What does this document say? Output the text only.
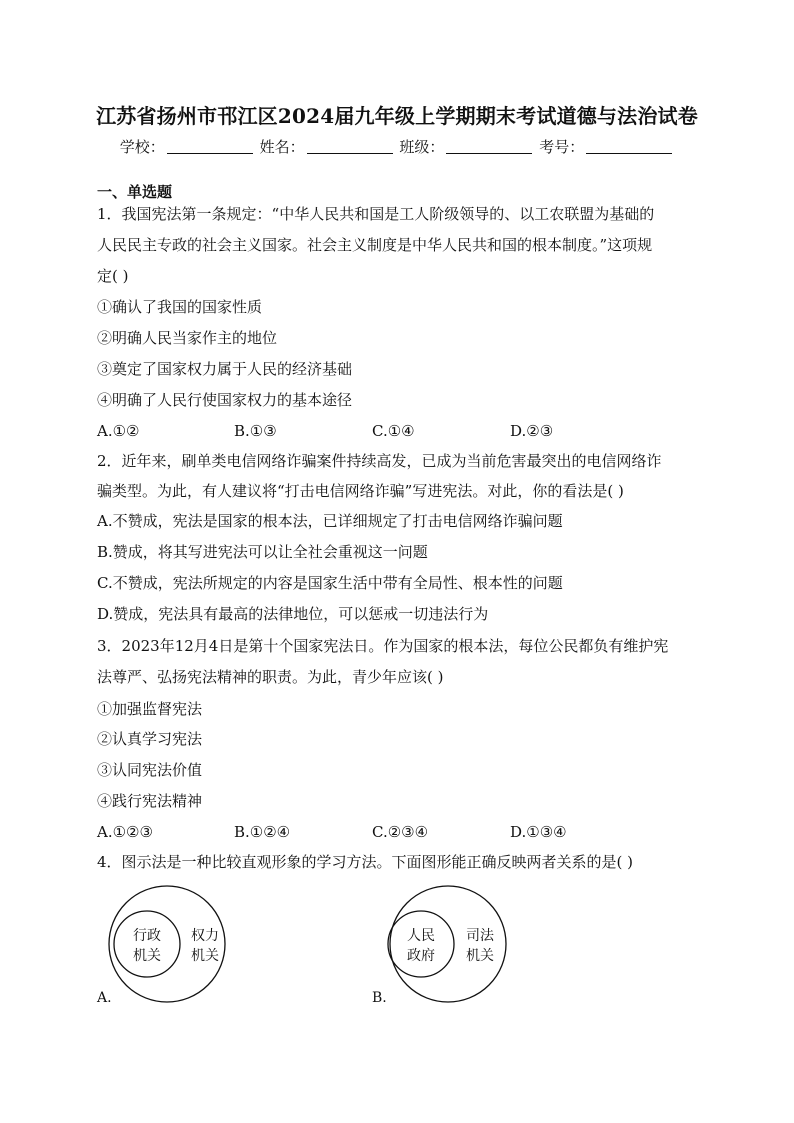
江苏省扬州市邗江区2024届九年级上学期期末考试道德与法治试卷
学校：	姓名：	班级：	考号：
一、单选题
1．我国宪法第一条规定：“中华人民共和国是工人阶级领导的、以工农联盟为基础的
人民民主专政的社会主义国家。社会主义制度是中华人民共和国的根本制度。”这项规
定( )
①确认了我国的国家性质
②明确人民当家作主的地位
③奠定了国家权力属于人民的经济基础
④明确了人民行使国家权力的基本途径
A.①②	B.①③	C.①④	D.②③
2．近年来，刷单类电信网络诈骗案件持续高发，已成为当前危害最突出的电信网络诈
骗类型。为此，有人建议将“打击电信网络诈骗”写进宪法。对此，你的看法是( )
A.不赞成，宪法是国家的根本法，已详细规定了打击电信网络诈骗问题
B.赞成，将其写进宪法可以让全社会重视这一问题
C.不赞成，宪法所规定的内容是国家生活中带有全局性、根本性的问题
D.赞成，宪法具有最高的法律地位，可以惩戒一切违法行为
3．2023年12月4日是第十个国家宪法日。作为国家的根本法，每位公民都负有维护宪
法尊严、弘扬宪法精神的职责。为此，青少年应该( )
①加强监督宪法
②认真学习宪法
③认同宪法价值
④践行宪法精神
A.①②③	B.①②④	C.②③④	D.①③④
4．图示法是一种比较直观形象的学习方法。下面图形能正确反映两者关系的是( )
行政
机关
权力
机关
A.
人民
政府
司法
机关
B.
